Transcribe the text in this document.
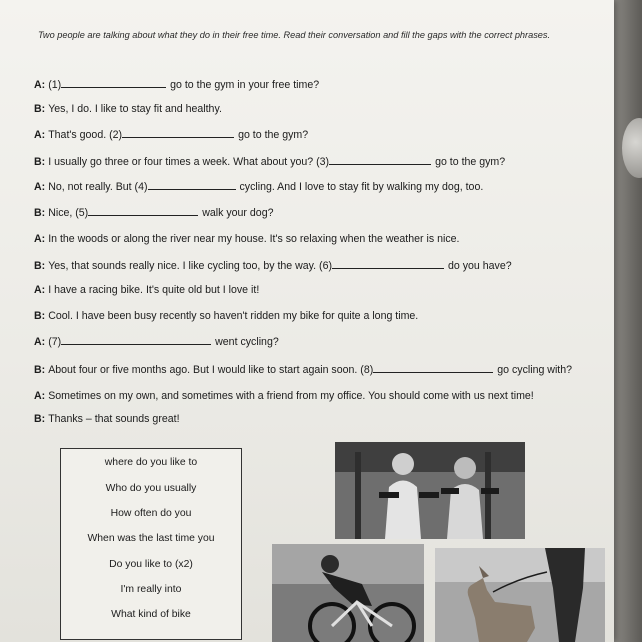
Two people are talking about what they do in their free time. Read their conversation and fill the gaps with the correct phrases.
A: (1)	go to the gym in your free time?
B: Yes, I do. I like to stay fit and healthy.
A: That's good. (2)	go to the gym?
B: I usually go three or four times a week. What about you? (3)	go to the gym?
A: No, not really. But (4)	cycling. And I love to stay fit by walking my dog, too.
B: Nice, (5)	walk your dog?
A: In the woods or along the river near my house. It's so relaxing when the weather is nice.
B: Yes, that sounds really nice. I like cycling too, by the way. (6)	do you have?
A: I have a racing bike. It's quite old but I love it!
B: Cool. I have been busy recently so haven't ridden my bike for quite a long time.
A: (7)	went cycling?
B: About four or five months ago. But I would like to start again soon. (8)	go cycling with?
A: Sometimes on my own, and sometimes with a friend from my office. You should come with us next time!
B: Thanks – that sounds great!
where do you like to
Who do you usually
How often do you
When was the last time you
Do you like to (x2)
I'm really into
What kind of bike
